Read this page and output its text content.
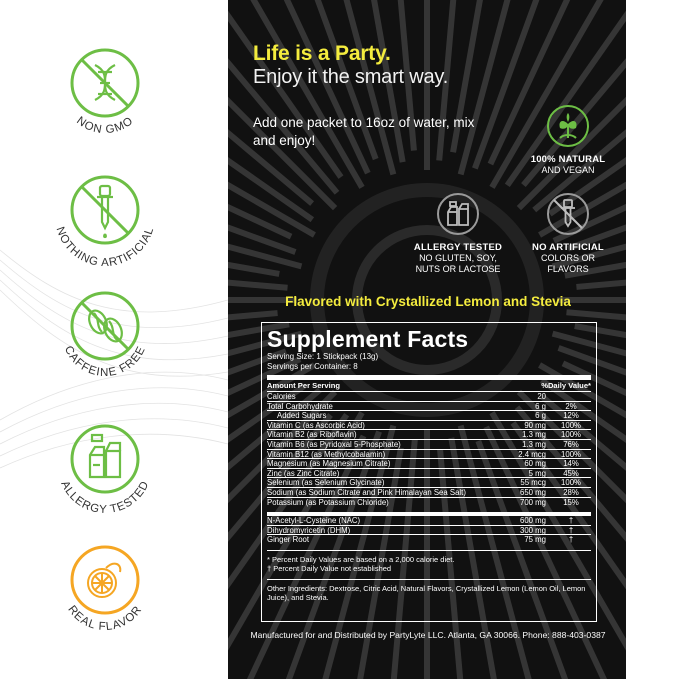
NON GMO
NOTHING ARTIFICIAL
CAFFEINE FREE
ALLERGY TESTED
REAL FLAVOR
Life is a Party.
Enjoy it the smart way.
Add one packet to 16oz of water, mix and enjoy!
100% NATURAL
AND VEGAN
ALLERGY TESTED
NO GLUTEN, SOY,
NUTS OR LACTOSE
NO ARTIFICIAL
COLORS OR
FLAVORS
Flavored with Crystallized Lemon and Stevia
Supplement Facts
Serving Size: 1 Stickpack (13g)
Servings per Container: 8
Amount Per Serving	%Daily Value*
Calories	20
Total Carbohydrate	6 g	2%
Added Sugars	6 g	12%
Vitamin C (as Ascorbic Acid)	90 mg	100%
Vitamin B2 (as Riboflavin)	1.3 mg	100%
Vitamin B6 (as Pyridoxal 5-Phosphate)	1.3 mg	76%
Vitamin B12 (as Methylcobalamin)	2.4 mcg	100%
Magnesium (as Magnesium Citrate)	60 mg	14%
Zinc (as Zinc Citrate)	5 mg	45%
Selenium (as Selenium Glycinate)	55 mcg	100%
Sodium (as Sodium Citrate and Pink Himalayan Sea Salt)	650 mg	28%
Potassium (as Potassium Chloride)	700 mg	15%
N-Acetyl-L-Cysteine (NAC)	600 mg	†
Dihydromyricetin (DHM)	300 mg	†
Ginger Root	75 mg	†
* Percent Daily Values are based on a 2,000 calorie diet.
† Percent Daily Value not established
Other Ingredients: Dextrose, Citric Acid, Natural Flavors, Crystallized Lemon (Lemon Oil, Lemon Juice), and Stevia.
Manufactured for and Distributed by PartyLyte LLC. Atlanta, GA 30066. Phone: 888-403-0387
